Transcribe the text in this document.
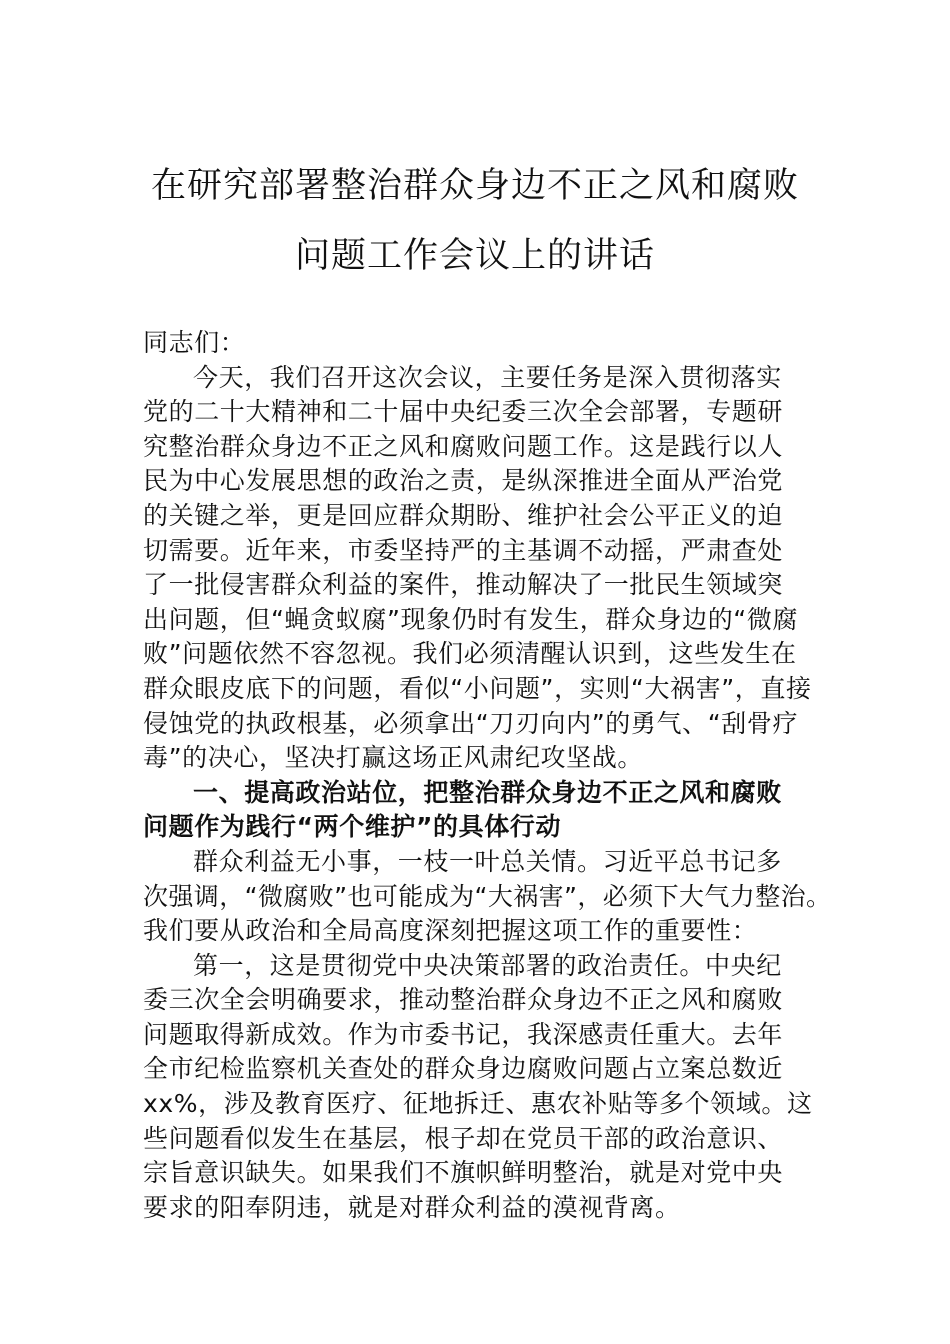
在研究部署整治群众身边不正之风和腐败
问题工作会议上的讲话
同志们：
今天，我们召开这次会议，主要任务是深入贯彻落实
党的二十大精神和二十届中央纪委三次全会部署，专题研
究整治群众身边不正之风和腐败问题工作。这是践行以人
民为中心发展思想的政治之责，是纵深推进全面从严治党
的关键之举，更是回应群众期盼、维护社会公平正义的迫
切需要。近年来，市委坚持严的主基调不动摇，严肃查处
了一批侵害群众利益的案件，推动解决了一批民生领域突
出问题，但“蝇贪蚁腐”现象仍时有发生，群众身边的“微腐
败”问题依然不容忽视。我们必须清醒认识到，这些发生在
群众眼皮底下的问题，看似“小问题”，实则“大祸害”，直接
侵蚀党的执政根基，必须拿出“刀刃向内”的勇气、“刮骨疗
毒”的决心，坚决打赢这场正风肃纪攻坚战。
一、提高政治站位，把整治群众身边不正之风和腐败
问题作为践行“两个维护”的具体行动
群众利益无小事，一枝一叶总关情。习近平总书记多
次强调，“微腐败”也可能成为“大祸害”，必须下大气力整治。
我们要从政治和全局高度深刻把握这项工作的重要性：
第一，这是贯彻党中央决策部署的政治责任。中央纪
委三次全会明确要求，推动整治群众身边不正之风和腐败
问题取得新成效。作为市委书记，我深感责任重大。去年
全市纪检监察机关查处的群众身边腐败问题占立案总数近
xx%，涉及教育医疗、征地拆迁、惠农补贴等多个领域。这
些问题看似发生在基层，根子却在党员干部的政治意识、
宗旨意识缺失。如果我们不旗帜鲜明整治，就是对党中央
要求的阳奉阴违，就是对群众利益的漠视背离。
